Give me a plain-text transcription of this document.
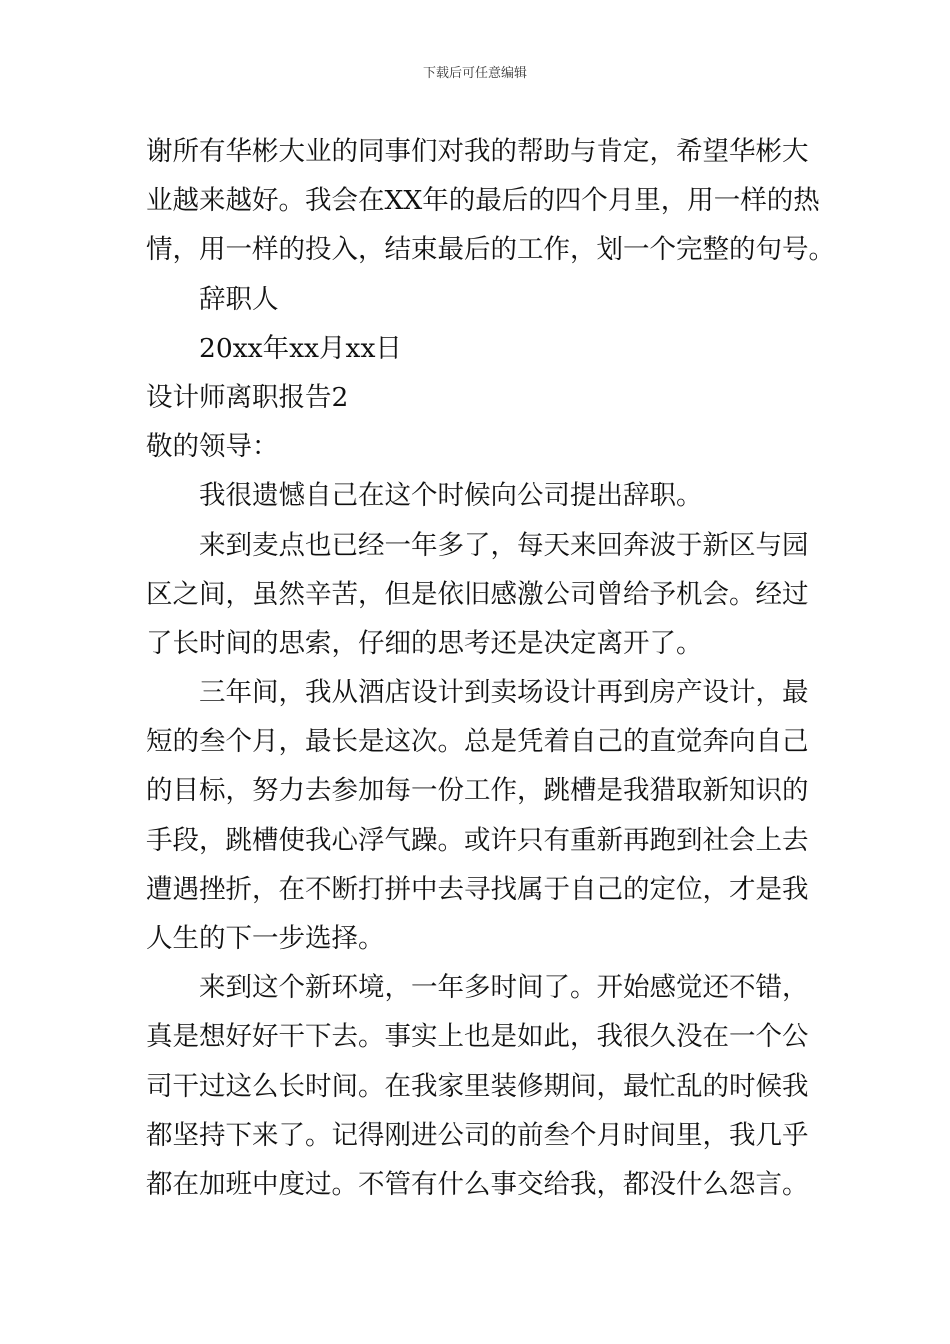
下载后可任意编辑
谢所有华彬大业的同事们对我的帮助与肯定，希望华彬大
业越来越好。我会在XX年的最后的四个月里，用一样的热
情，用一样的投入，结束最后的工作，划一个完整的句号。
辞职人
20xx年xx月xx日
设计师离职报告2
敬的领导：
我很遗憾自己在这个时候向公司提出辞职。
来到麦点也已经一年多了，每天来回奔波于新区与园
区之间，虽然辛苦，但是依旧感激公司曾给予机会。经过
了长时间的思索，仔细的思考还是决定离开了。
三年间，我从酒店设计到卖场设计再到房产设计，最
短的叁个月，最长是这次。总是凭着自己的直觉奔向自己
的目标，努力去参加每一份工作，跳槽是我猎取新知识的
手段，跳槽使我心浮气躁。或许只有重新再跑到社会上去
遭遇挫折，在不断打拼中去寻找属于自己的定位，才是我
人生的下一步选择。
来到这个新环境，一年多时间了。开始感觉还不错，
真是想好好干下去。事实上也是如此，我很久没在一个公
司干过这么长时间。在我家里装修期间，最忙乱的时候我
都坚持下来了。记得刚进公司的前叁个月时间里，我几乎
都在加班中度过。不管有什么事交给我，都没什么怨言。
